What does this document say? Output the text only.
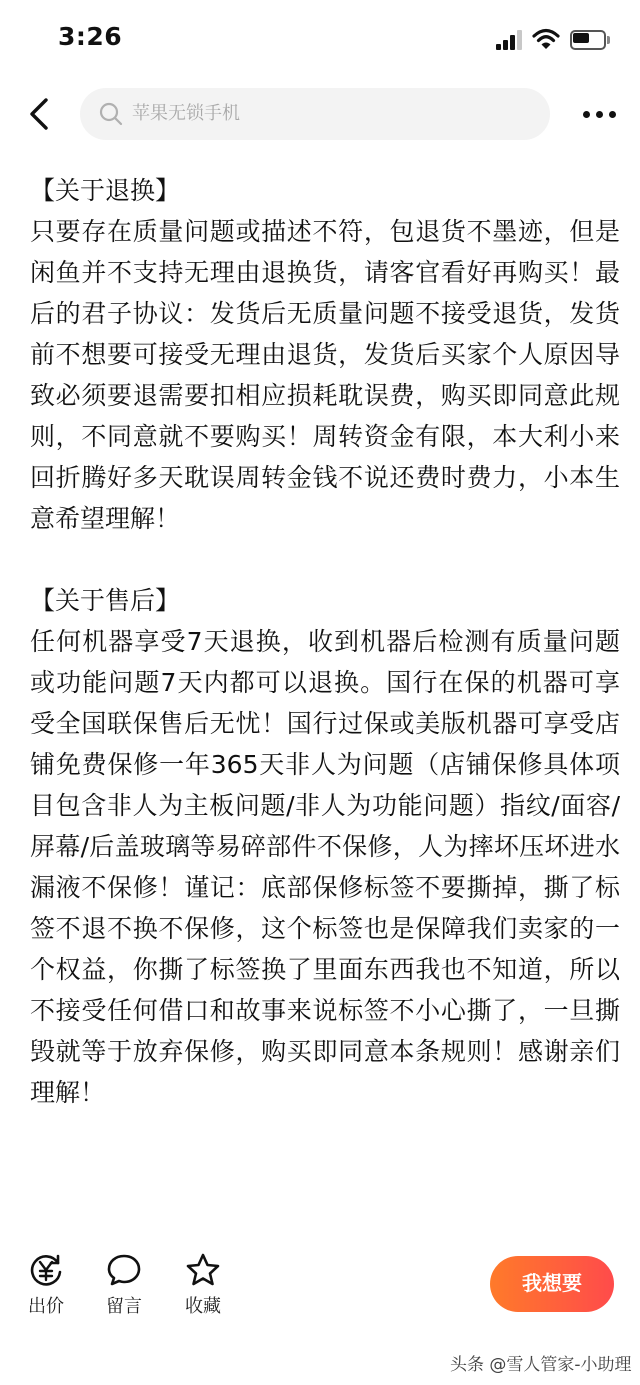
3:26
苹果无锁手机
【关于退换】
只要存在质量问题或描述不符，包退货不墨迹，但是闲鱼并不支持无理由退换货，请客官看好再购买！最后的君子协议：发货后无质量问题不接受退货，发货前不想要可接受无理由退货，发货后买家个人原因导致必须要退需要扣相应损耗耽误费，购买即同意此规则，不同意就不要购买！周转资金有限，本大利小来回折腾好多天耽误周转金钱不说还费时费力，小本生意希望理解！
【关于售后】
任何机器享受7天退换，收到机器后检测有质量问题或功能问题7天内都可以退换。国行在保的机器可享受全国联保售后无忧！国行过保或美版机器可享受店铺免费保修一年365天非人为问题（店铺保修具体项目包含非人为主板问题/非人为功能问题）指纹/面容/屏幕/后盖玻璃等易碎部件不保修，人为摔坏压坏进水漏液不保修！谨记：底部保修标签不要撕掉，撕了标签不退不换不保修，这个标签也是保障我们卖家的一个权益，你撕了标签换了里面东西我也不知道，所以不接受任何借口和故事来说标签不小心撕了，一旦撕毁就等于放弃保修，购买即同意本条规则！感谢亲们理解！
出价	留言	收藏
我想要
头条 @雪人管家-小助理
